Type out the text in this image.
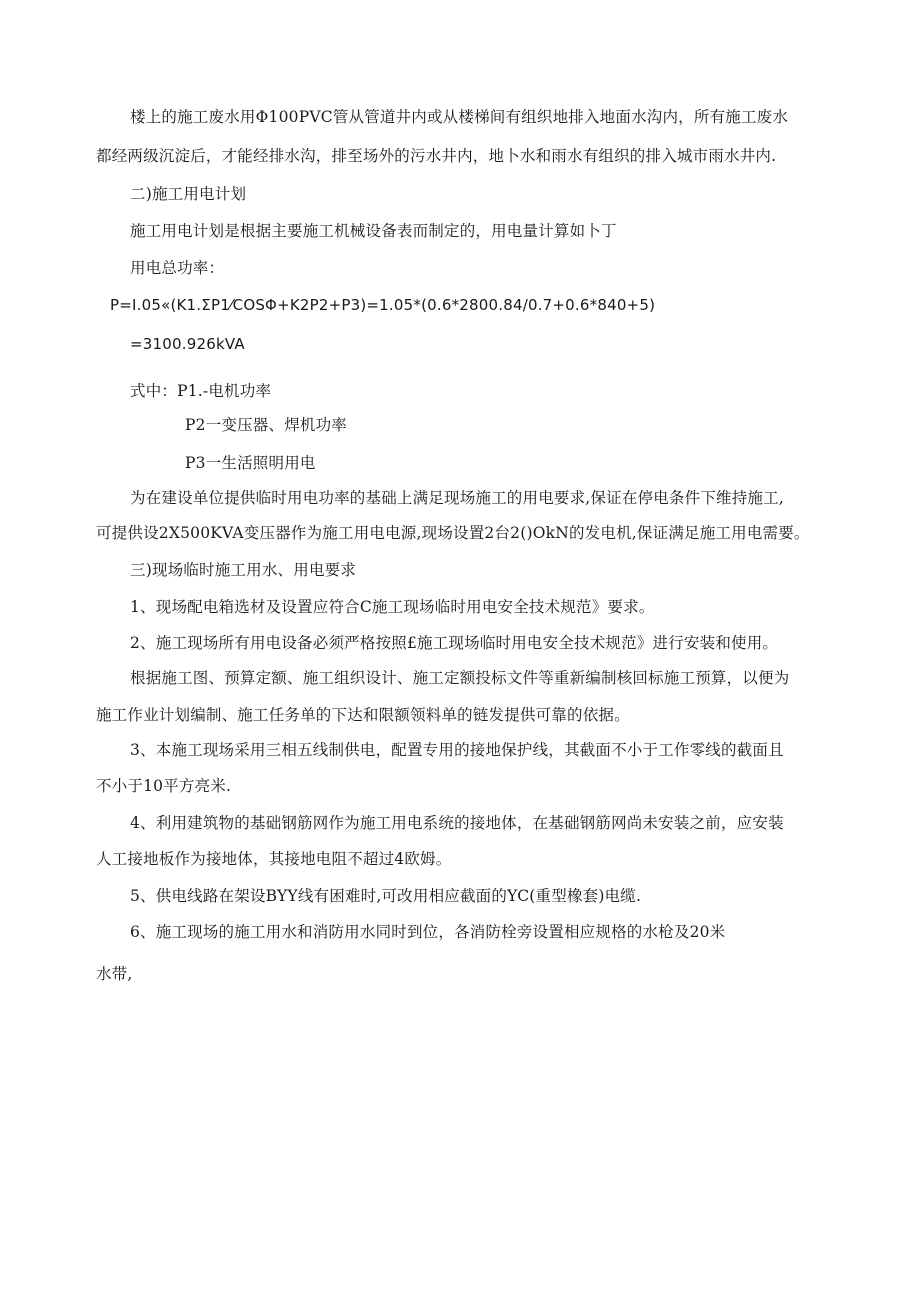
楼上的施工废水用Φ100PVC管从管道井内或从楼梯间有组织地排入地面水沟内，所有施工废水
都经两级沉淀后，才能经排水沟，排至场外的污水井内，地卜水和雨水有组织的排入城市雨水井内.
二)施工用电计划
施工用电计划是根据主要施工机械设备表而制定的，用电量计算如卜丁
用电总功率：
P=I.05«(K1.ΣP1⁄COSΦ+K2P2+P3)=1.05*(0.6*2800.84/0.7+0.6*840+5)
=3100.926kVA
式中：P1.-电机功率
P2一变压器、焊机功率
P3一生活照明用电
为在建设单位提供临时用电功率的基础上满足现场施工的用电要求,保证在停电条件下维持施工,
可提供设2X500KVA变压器作为施工用电电源,现场设置2台2()OkN的发电机,保证满足施工用电需要。
三)现场临时施工用水、用电要求
1、现场配电箱选材及设置应符合C施工现场临时用电安全技术规范》要求。
2、施工现场所有用电设备必须严格按照£施工现场临时用电安全技术规范》进行安装和使用。
根据施工图、预算定额、施工组织设计、施工定额投标文件等重新编制核回标施工预算，以便为
施工作业计划编制、施工任务单的下达和限额领料单的链发提供可靠的依据。
3、本施工现场采用三相五线制供电，配置专用的接地保护线，其截面不小于工作零线的截面且
不小于10平方亮米.
4、利用建筑物的基础钢筋网作为施工用电系统的接地体，在基础钢筋网尚未安装之前，应安装
人工接地板作为接地体，其接地电阻不超过4欧姆。
5、供电线路在架设BYY线有困难时,可改用相应截面的YC(重型橡套)电缆.
6、施工现场的施工用水和消防用水同时到位，各消防栓旁设置相应规格的水枪及20米
水带,
